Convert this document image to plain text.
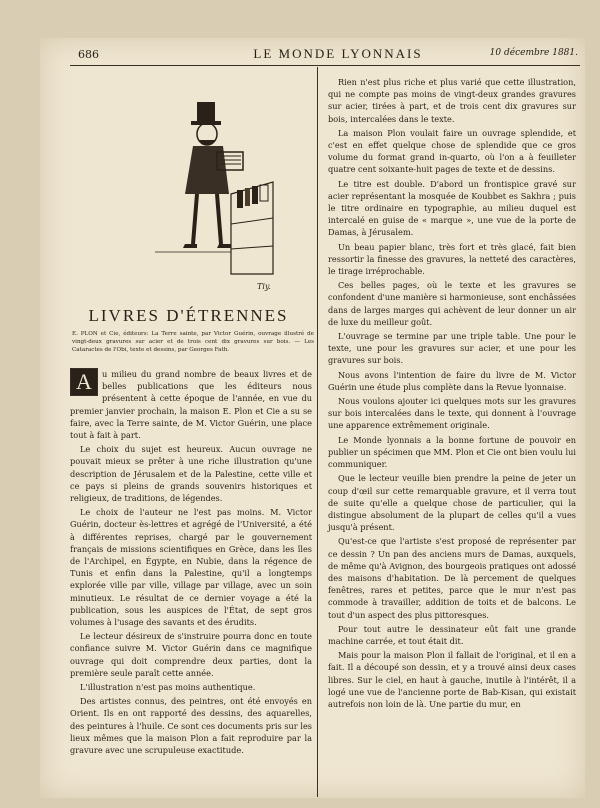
686	LE MONDE LYONNAIS	10 décembre 1881.
Tiy.
LIVRES D'ÉTRENNES
E. PLON et Cie, éditeurs: La Terre sainte, par Victor Guérin, ouvrage illustré de vingt-deux gravures sur acier et de trois cent dix gravures sur bois. — Les Cataractes de l'Obi, texte et dessins, par Georges Fath.

A	u milieu du grand nombre de beaux livres et de belles publications que les éditeurs nous présentent à cette époque de l'année, en vue du premier janvier prochain, la maison E. Plon et Cie a su se faire, avec la Terre sainte, de M. Victor Guérin, une place tout à fait à part.

Le choix du sujet est heureux. Aucun ouvrage ne pouvait mieux se prêter à une riche illustration qu'une description de Jérusalem et de la Palestine, cette ville et ce pays si pleins de grands souvenirs historiques et religieux, de traditions, de légendes.

Le choix de l'auteur ne l'est pas moins. M. Victor Guérin, docteur ès-lettres et agrégé de l'Université, a été à différentes reprises, chargé par le gouvernement français de missions scientifiques en Grèce, dans les îles de l'Archipel, en Égypte, en Nubie, dans la régence de Tunis et enfin dans la Palestine, qu'il a longtemps explorée ville par ville, village par village, avec un soin minutieux. Le résultat de ce dernier voyage a été la publication, sous les auspices de l'État, de sept gros volumes à l'usage des savants et des érudits.

Le lecteur désireux de s'instruire pourra donc en toute confiance suivre M. Victor Guérin dans ce magnifique ouvrage qui doit comprendre deux parties, dont la première seule paraît cette année.

L'illustration n'est pas moins authentique.

Des artistes connus, des peintres, ont été envoyés en Orient. Ils en ont rapporté des dessins, des aquarelles, des peintures à l'huile. Ce sont ces documents pris sur les lieux mêmes que la maison Plon a fait reproduire par la gravure avec une scrupuleuse exactitude.

Rien n'est plus riche et plus varié que cette illustration, qui ne compte pas moins de vingt-deux grandes gravures sur acier, tirées à part, et de trois cent dix gravures sur bois, intercalées dans le texte.

La maison Plon voulait faire un ouvrage splendide, et c'est en effet quelque chose de splendide que ce gros volume du format grand in-quarto, où l'on a à feuilleter quatre cent soixante-huit pages de texte et de dessins.

Le titre est double. D'abord un frontispice gravé sur acier représentant la mosquée de Koubbet es Sakhra ; puis le titre ordinaire en typographie, au milieu duquel est intercalé en guise de « marque », une vue de la porte de Damas, à Jérusalem.

Un beau papier blanc, très fort et très glacé, fait bien ressortir la finesse des gravures, la netteté des caractères, le tirage irréprochable.

Ces belles pages, où le texte et les gravures se confondent d'une manière si harmonieuse, sont enchâssées dans de larges marges qui achèvent de leur donner un air de luxe du meilleur goût.

L'ouvrage se termine par une triple table. Une pour le texte, une pour les gravures sur acier, et une pour les gravures sur bois.

Nous avons l'intention de faire du livre de M. Victor Guérin une étude plus complète dans la Revue lyonnaise.

Nous voulons ajouter ici quelques mots sur les gravures sur bois intercalées dans le texte, qui donnent à l'ouvrage une apparence extrêmement originale.

Le Monde lyonnais a la bonne fortune de pouvoir en publier un spécimen que MM. Plon et Cie ont bien voulu lui communiquer.

Que le lecteur veuille bien prendre la peine de jeter un coup d'œil sur cette remarquable gravure, et il verra tout de suite qu'elle a quelque chose de particulier, qui la distingue absolument de la plupart de celles qu'il a vues jusqu'à présent.

Qu'est-ce que l'artiste s'est proposé de représenter par ce dessin ? Un pan des anciens murs de Damas, auxquels, de même qu'à Avignon, des bourgeois pratiques ont adossé des maisons d'habitation. De là percement de quelques fenêtres, rares et petites, parce que le mur n'est pas commode à travailler, addition de toits et de balcons. Le tout d'un aspect des plus pittoresques.

Pour tout autre le dessinateur eût fait une grande machine carrée, et tout était dit.

Mais pour la maison Plon il fallait de l'original, et il en a fait. Il a découpé son dessin, et y a trouvé ainsi deux cases libres. Sur le ciel, en haut à gauche, inutile à l'intérêt, il a logé une vue de l'ancienne porte de Bab-Kisan, qui existait autrefois non loin de là. Une partie du mur, en
